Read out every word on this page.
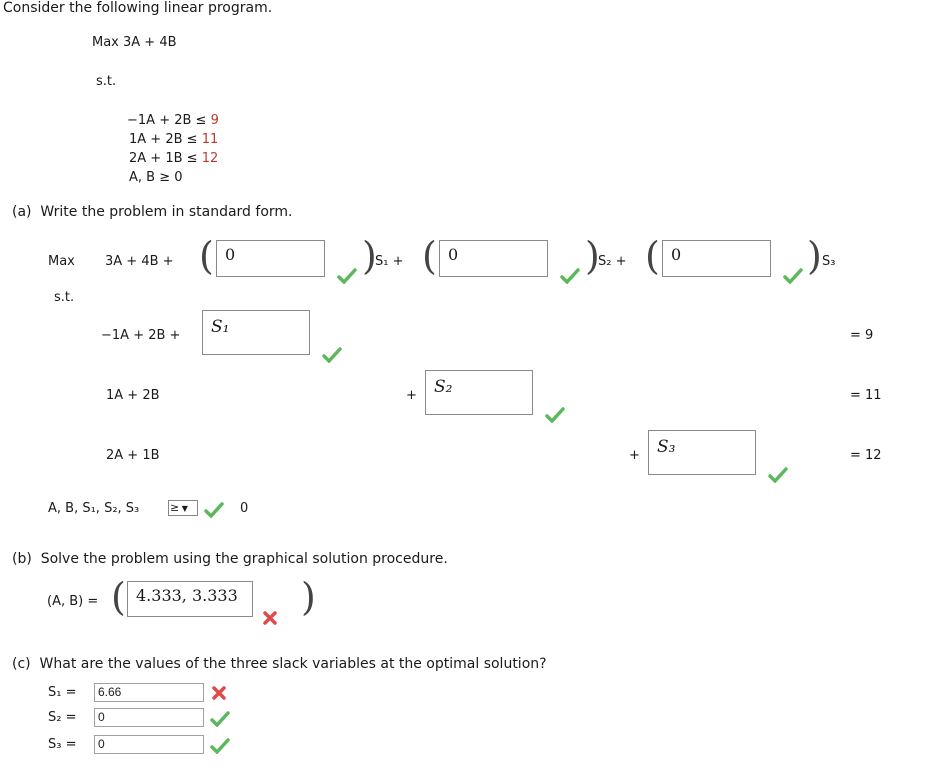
Consider the following linear program.
Max 3A + 4B
s.t.
−1A + 2B ≤ 9
1A + 2B ≤ 11
2A + 1B ≤ 12
A, B ≥ 0
(a) Write the problem in standard form.
Max 3A + 4B + ( 0	)
S₁ + ( 0	)
S₂ + ( 0	) S₃
s.t.
−1A + 2B +	S₁	= 9
1A + 2B	+	S₂	= 11
2A + 1B	+	S₃	= 12
A, B, S₁, S₂, S₃	≥ ▼	0
(b) Solve the problem using the graphical solution procedure.
(A, B) = ( 4.333, 3.333	)
(c) What are the values of the three slack variables at the optimal solution?
S₁ =	6.66
S₂ =	0
S₃ =	0
